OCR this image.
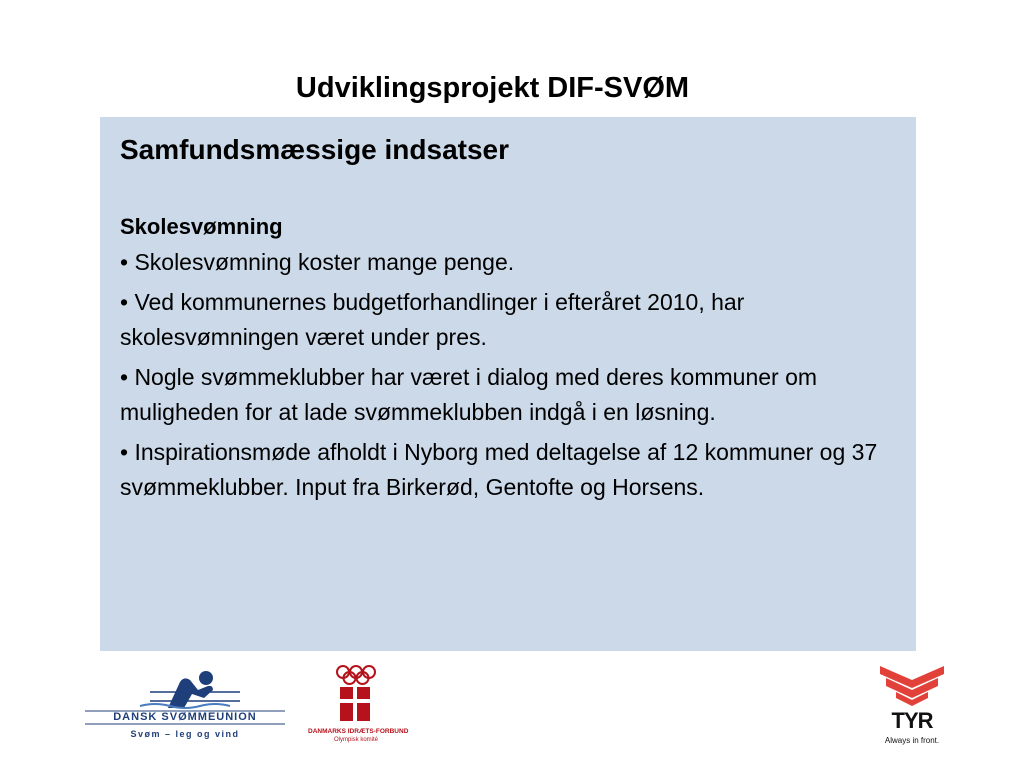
Udviklingsprojekt DIF-SVØM
Samfundsmæssige indsatser
Skolesvømning

• Skolesvømning koster mange penge.

• Ved kommunernes budgetforhandlinger i efteråret 2010, har skolesvømningen været under pres.

• Nogle svømmeklubber har været i dialog med deres kommuner om muligheden for at lade svømmeklubben indgå i en løsning.

• Inspirationsmøde afholdt i Nyborg med deltagelse af 12 kommuner og 37 svømmeklubber. Input fra Birkerød, Gentofte og Horsens.

DANSK SVØMMEUNION
Svøm – leg og vind	DANMARKS IDRÆTS-FORBUND
Olympisk komité
TYR
Always in front.
